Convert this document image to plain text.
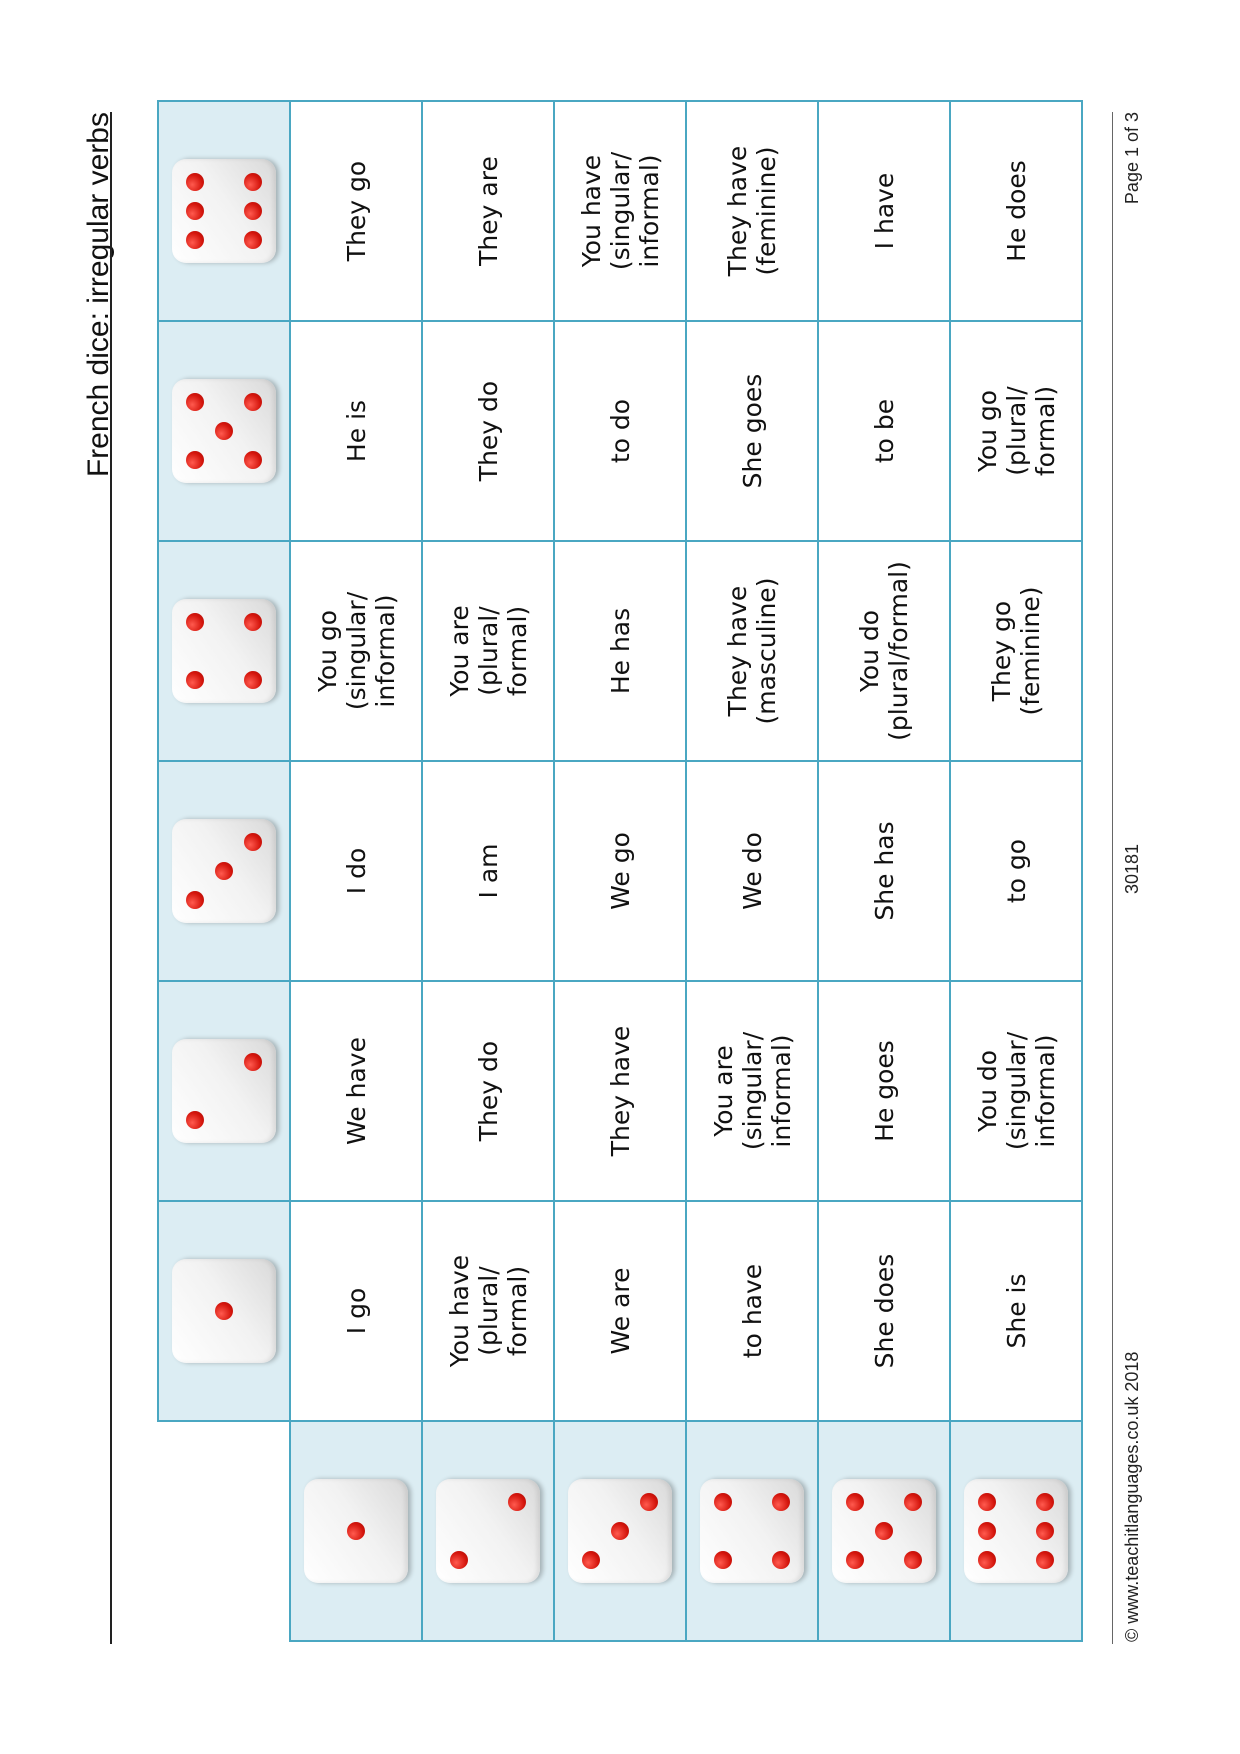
French dice: irregular verbs

	I go	We have	I do	You go
(singular/
informal)	He is	They go

	You have
(plural/
formal)	They do	I am	You are
(plural/
formal)	They do	They are

	We are	They have	We go	He has	to do	You have
(singular/
informal)

	to have	You are
(singular/
informal)	We do	They have
(masculine)	She goes	They have
(feminine)

	She does	He goes	She has	You do
(plural/formal)	to be	I have

	She is	You do
(singular/
informal)	to go	They go
(feminine)	You go
(plural/
formal)	He does
© www.teachitlanguages.co.uk 2018
30181
Page 1 of 3
